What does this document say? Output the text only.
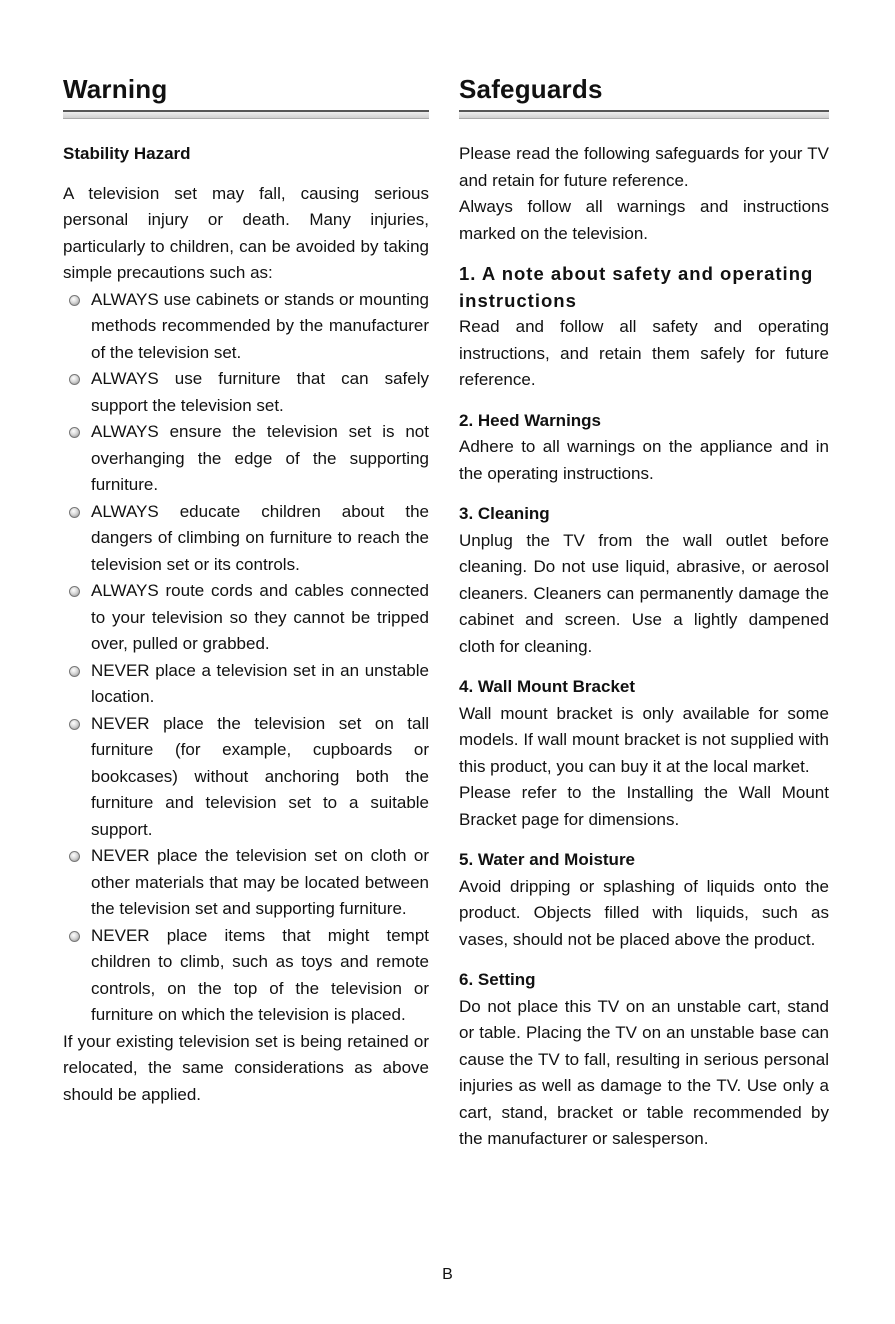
Warning
Stability Hazard

A television set may fall, causing serious personal injury or death. Many injuries, particularly to children, can be avoided by taking simple precautions such as:

ALWAYS use cabinets or stands or mounting methods recommended by the manufacturer of the television set.

ALWAYS use furniture that can safely support the television set.

ALWAYS ensure the television set is not overhanging the edge of the supporting furniture.

ALWAYS educate children about the dangers of climbing on furniture to reach the television set or its controls.

ALWAYS route cords and cables connected to your television so they cannot be tripped over, pulled or grabbed.

NEVER place a television set in an unstable location.

NEVER place the television set on tall furniture (for example, cupboards or bookcases) without anchoring both the furniture and television set to a suitable support.

NEVER place the television set on cloth or other materials that may be located between the television set and supporting furniture.

NEVER place items that might tempt children to climb, such as toys and remote controls, on the top of the television or furniture on which the television is placed.

If your existing television set is being retained or relocated, the same considerations as above should be applied.

Safeguards

Please read the following safeguards for your TV and retain for future reference.

Always follow all warnings and instructions marked on the television.

1. A note about safety and operating instructions

Read and follow all safety and operating instructions, and retain them safely for future reference.

2. Heed Warnings

Adhere to all warnings on the appliance and in the operating instructions.

3. Cleaning

Unplug the TV from the wall outlet before cleaning. Do not use liquid, abrasive, or aerosol cleaners. Cleaners can permanently damage the cabinet and screen. Use a lightly dampened cloth for cleaning.

4. Wall Mount Bracket

Wall mount bracket is only available for some models. If wall mount bracket is not supplied with this product, you can buy it at the local market.

Please refer to the Installing the Wall Mount Bracket page for dimensions.

5. Water and Moisture

Avoid dripping or splashing of liquids onto the product. Objects filled with liquids, such as vases, should not be placed above the product.

6. Setting

Do not place this TV on an unstable cart, stand or table. Placing the TV on an unstable base can cause the TV to fall, resulting in serious personal injuries as well as damage to the TV. Use only a cart, stand, bracket or table recommended by the manufacturer or salesperson.

B
